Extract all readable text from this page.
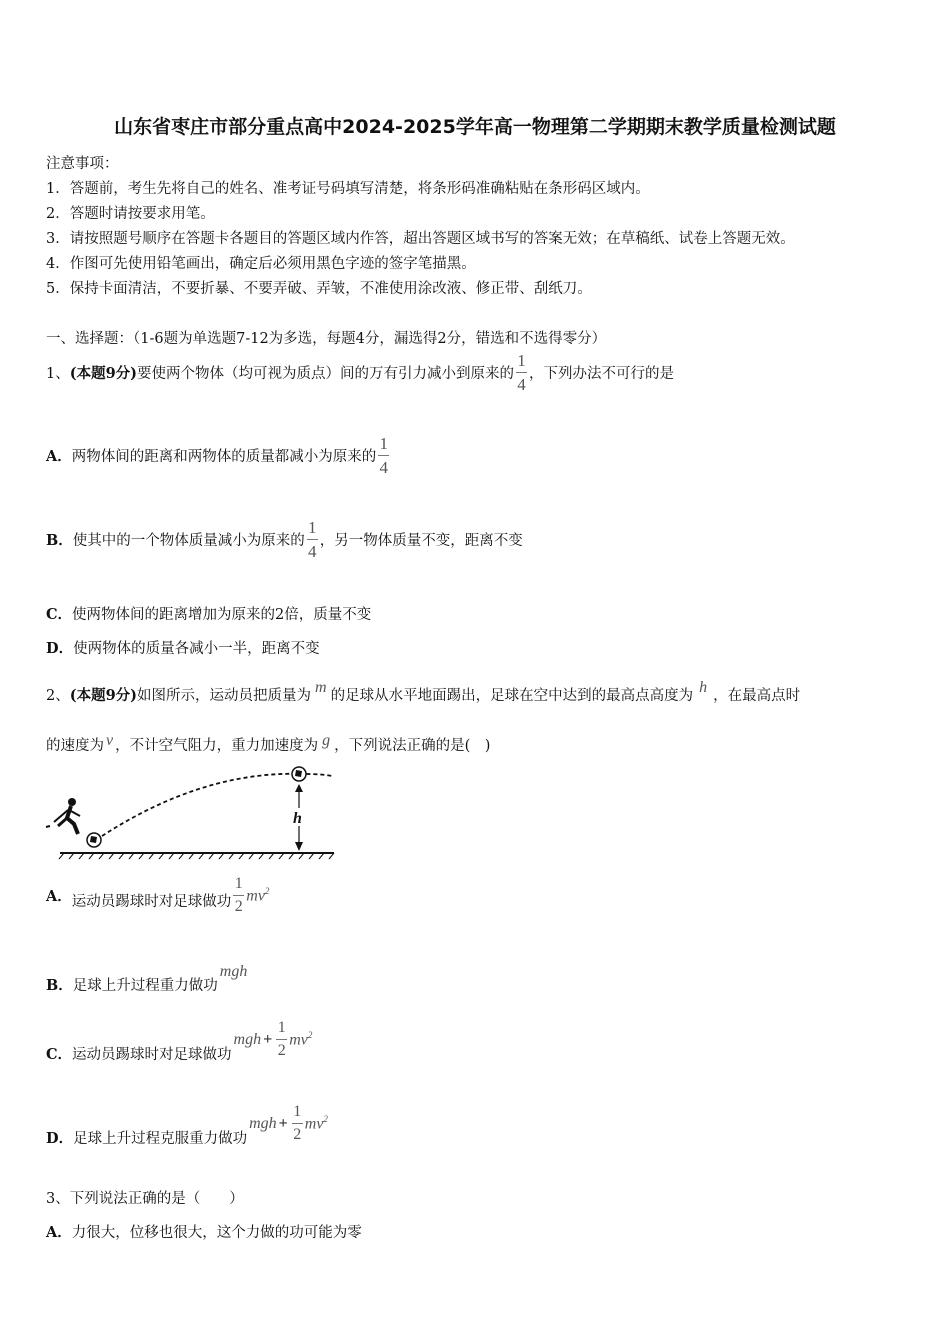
山东省枣庄市部分重点高中2024-2025学年高一物理第二学期期末教学质量检测试题
注意事项：
1．答题前，考生先将自己的姓名、准考证号码填写清楚，将条形码准确粘贴在条形码区域内。
2．答题时请按要求用笔。
3．请按照题号顺序在答题卡各题目的答题区域内作答，超出答题区域书写的答案无效；在草稿纸、试卷上答题无效。
4．作图可先使用铅笔画出，确定后必须用黑色字迹的签字笔描黑。
5．保持卡面清洁，不要折暴、不要弄破、弄皱，不准使用涂改液、修正带、刮纸刀。
一、选择题：（1-6题为单选题7-12为多选，每题4分，漏选得2分，错选和不选得零分）
1、 (本题9分) 要使两个物体（均可视为质点）间的万有引力减小到原来的 $\frac{1}{4}$ ，下列办法不可行的是
A． 两物体间的距离和两物体的质量都减小为原来的 $\frac{1}{4}$
B． 使其中的一个物体质量减小为原来的 $\frac{1}{4}$ ，另一物体质量不变，距离不变
C．使两物体间的距离增加为原来的2倍，质量不变
D．使两物体的质量各减小一半，距离不变
2、(本题9分)如图所示，运动员把质量为 m 的足球从水平地面踢出，足球在空中达到的最高点高度为 h ，在最高点时
的速度为 v ，不计空气阻力，重力加速度为 g ，下列说法正确的是(　)
h
A． 运动员踢球时对足球做功 $\frac{1}{2} mv^2$
B．足球上升过程重力做功mgh
C． 运动员踢球时对足球做功
mgh + $\frac{1}{2} mv^2$
D． 足球上升过程克服重力做功
mgh + $\frac{1}{2} mv^2$
3、下列说法正确的是（　　）
A．力很大，位移也很大，这个力做的功可能为零
